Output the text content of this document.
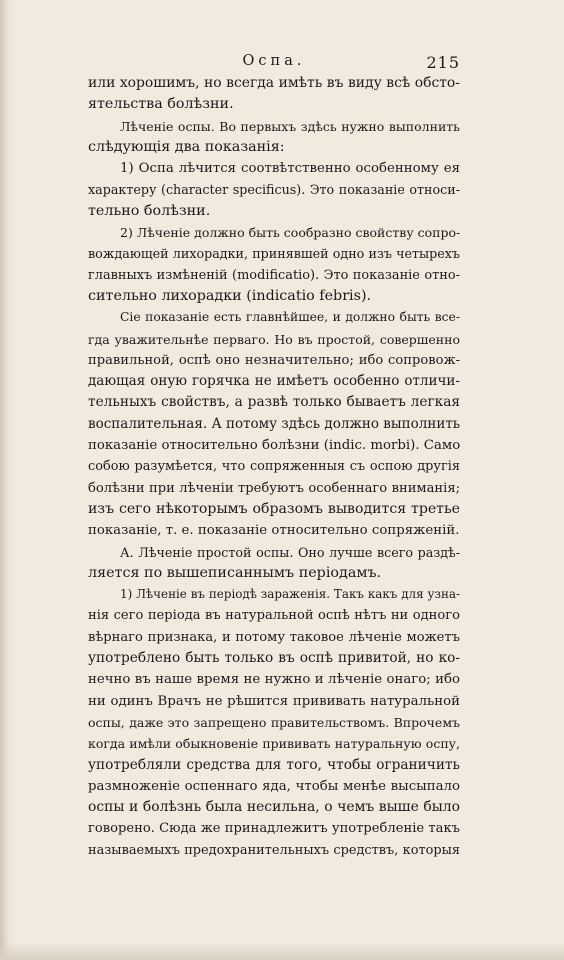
Оспа.	215
или хорошимъ, но всегда имѣть въ виду всѣ обсто-
ятельства болѣзни.
Лѣченіе оспы. Во первыхъ здѣсь нужно выполнить
слѣдующія два показанія:
1) Оспа лѣчится соотвѣтственно особенному ея
характеру (character specificus). Это показаніе относи-
тельно болѣзни.
2) Лѣченіе должно быть сообразно свойству сопро-
вождающей лихорадки, принявшей одно изъ четырехъ
главныхъ измѣненій (modificatio). Это показаніе отно-
сительно лихорадки (indicatio febris).
Сіе показаніе есть главнѣйшее, и должно быть все-
гда уважительнѣе перваго. Но въ простой, совершенно
правильной, оспѣ оно незначительно; ибо сопровож-
дающая оную горячка не имѣетъ особенно отличи-
тельныхъ свойствъ, а развѣ только бываетъ легкая
воспалительная. А потому здѣсь должно выполнить
показаніе относительно болѣзни (indic. morbi). Само
собою разумѣется, что сопряженныя съ оспою другія
болѣзни при лѣченіи требуютъ особеннаго вниманія;
изъ сего нѣкоторымъ образомъ выводится третье
показаніе, т. е. показаніе относительно сопряженій.
А. Лѣченіе простой оспы. Оно лучше всего раздѣ-
ляется по вышеписаннымъ періодамъ.
1) Лѣченіе въ періодѣ зараженія. Такъ какъ для узна-
нія сего періода въ натуральной оспѣ нѣтъ ни одного
вѣрнаго признака, и потому таковое лѣченіе можетъ
употреблено быть только въ оспѣ привитой, но ко-
нечно въ наше время не нужно и лѣченіе онаго; ибо
ни одинъ Врачъ не рѣшится прививать натуральной
оспы, даже это запрещено правительствомъ. Впрочемъ
когда имѣли обыкновеніе прививать натуральную оспу,
употребляли средства для того, чтобы ограничить
размноженіе оспеннаго яда, чтобы менѣе высыпало
оспы и болѣзнь была несильна, о чемъ выше было
говорено. Сюда же принадлежитъ употребленіе такъ
называемыхъ предохранительныхъ средствъ, которыя
